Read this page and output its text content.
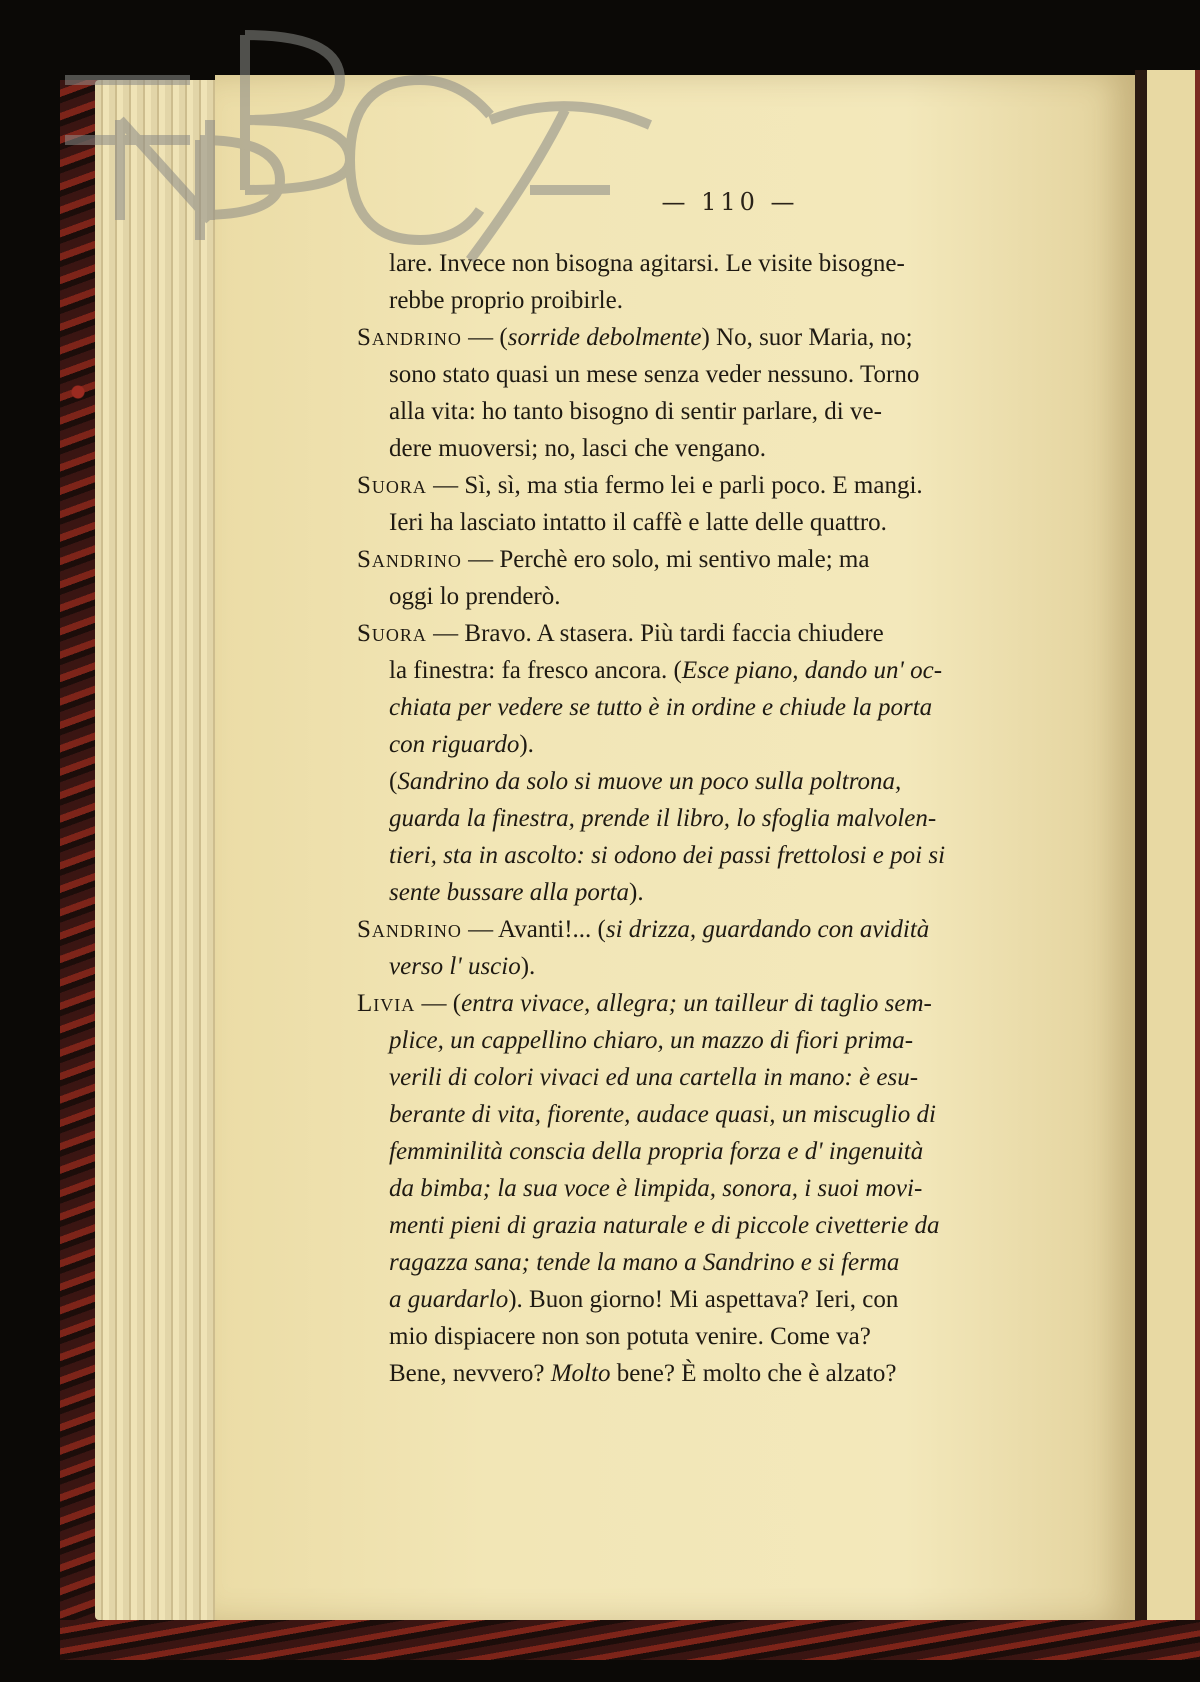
— 110 —
lare. Invece non bisogna agitarsi. Le visite bisogne-
rebbe proprio proibirle.
Sandrino — (sorride debolmente) No, suor Maria, no;
sono stato quasi un mese senza veder nessuno. Torno
alla vita: ho tanto bisogno di sentir parlare, di ve-
dere muoversi; no, lasci che vengano.
Suora — Sì, sì, ma stia fermo lei e parli poco. E mangi.
Ieri ha lasciato intatto il caffè e latte delle quattro.
Sandrino — Perchè ero solo, mi sentivo male; ma
oggi lo prenderò.
Suora — Bravo. A stasera. Più tardi faccia chiudere
la finestra: fa fresco ancora. (Esce piano, dando un' oc-
chiata per vedere se tutto è in ordine e chiude la porta
con riguardo).
(Sandrino da solo si muove un poco sulla poltrona,
guarda la finestra, prende il libro, lo sfoglia malvolen-
tieri, sta in ascolto: si odono dei passi frettolosi e poi si
sente bussare alla porta).
Sandrino — Avanti!... (si drizza, guardando con avidità
verso l' uscio).
Livia — (entra vivace, allegra; un tailleur di taglio sem-
plice, un cappellino chiaro, un mazzo di fiori prima-
verili di colori vivaci ed una cartella in mano: è esu-
berante di vita, fiorente, audace quasi, un miscuglio di
femminilità conscia della propria forza e d' ingenuità
da bimba; la sua voce è limpida, sonora, i suoi movi-
menti pieni di grazia naturale e di piccole civetterie da
ragazza sana; tende la mano a Sandrino e si ferma
a guardarlo). Buon giorno! Mi aspettava? Ieri, con
mio dispiacere non son potuta venire. Come va?
Bene, nevvero? Molto bene? È molto che è alzato?
